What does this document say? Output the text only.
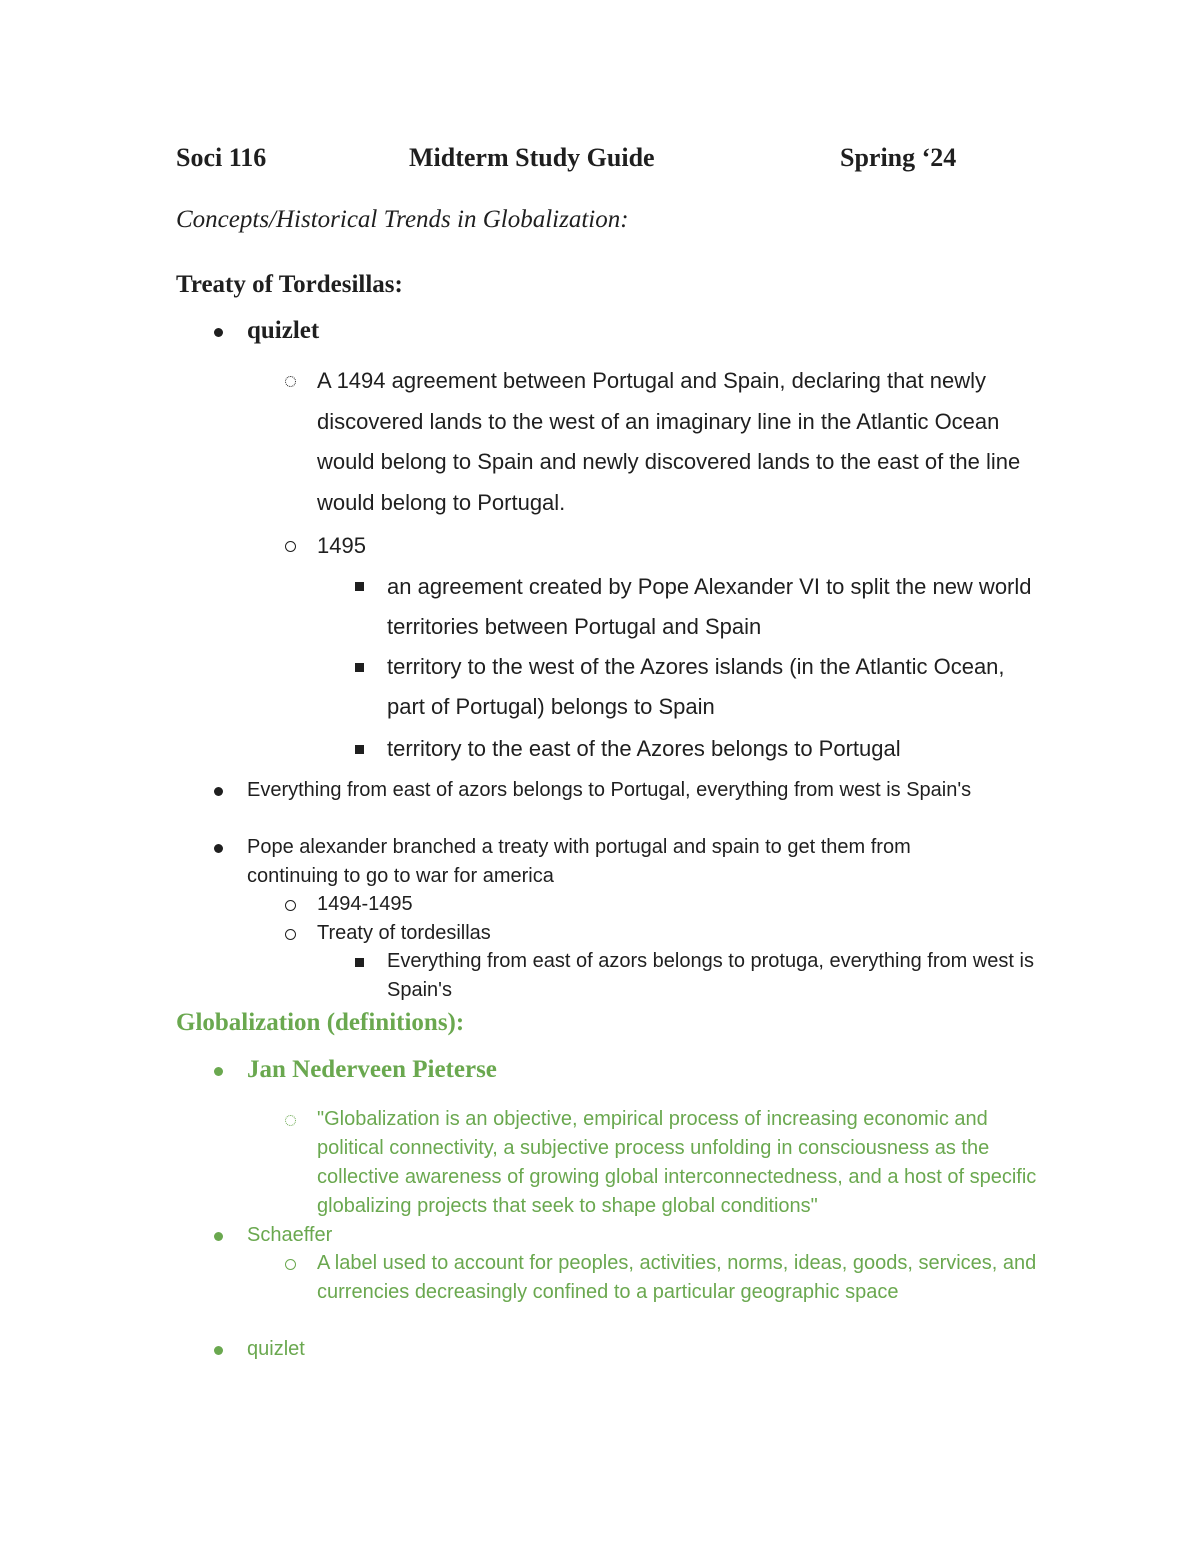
Soci 116	Midterm Study Guide	Spring ‘24
Concepts/Historical Trends in Globalization:
Treaty of Tordesillas:
quizlet
A 1494 agreement between Portugal and Spain, declaring that newly discovered lands to the west of an imaginary line in the Atlantic Ocean would belong to Spain and newly discovered lands to the east of the line would belong to Portugal.
1495
an agreement created by Pope Alexander VI to split the new world territories between Portugal and Spain
territory to the west of the Azores islands (in the Atlantic Ocean, part of Portugal) belongs to Spain
territory to the east of the Azores belongs to Portugal
Everything from east of azors belongs to Portugal, everything from west is Spain's
Pope alexander branched a treaty with portugal and spain to get them from continuing to go to war for america
1494-1495
Treaty of tordesillas
Everything from east of azors belongs to protuga, everything from west is Spain's
Globalization (definitions):
Jan Nederveen Pieterse
"Globalization is an objective, empirical process of increasing economic and political connectivity, a subjective process unfolding in consciousness as the collective awareness of growing global interconnectedness, and a host of specific globalizing projects that seek to shape global conditions"
Schaeffer
A label used to account for peoples, activities, norms, ideas, goods, services, and currencies decreasingly confined to a particular geographic space
quizlet
